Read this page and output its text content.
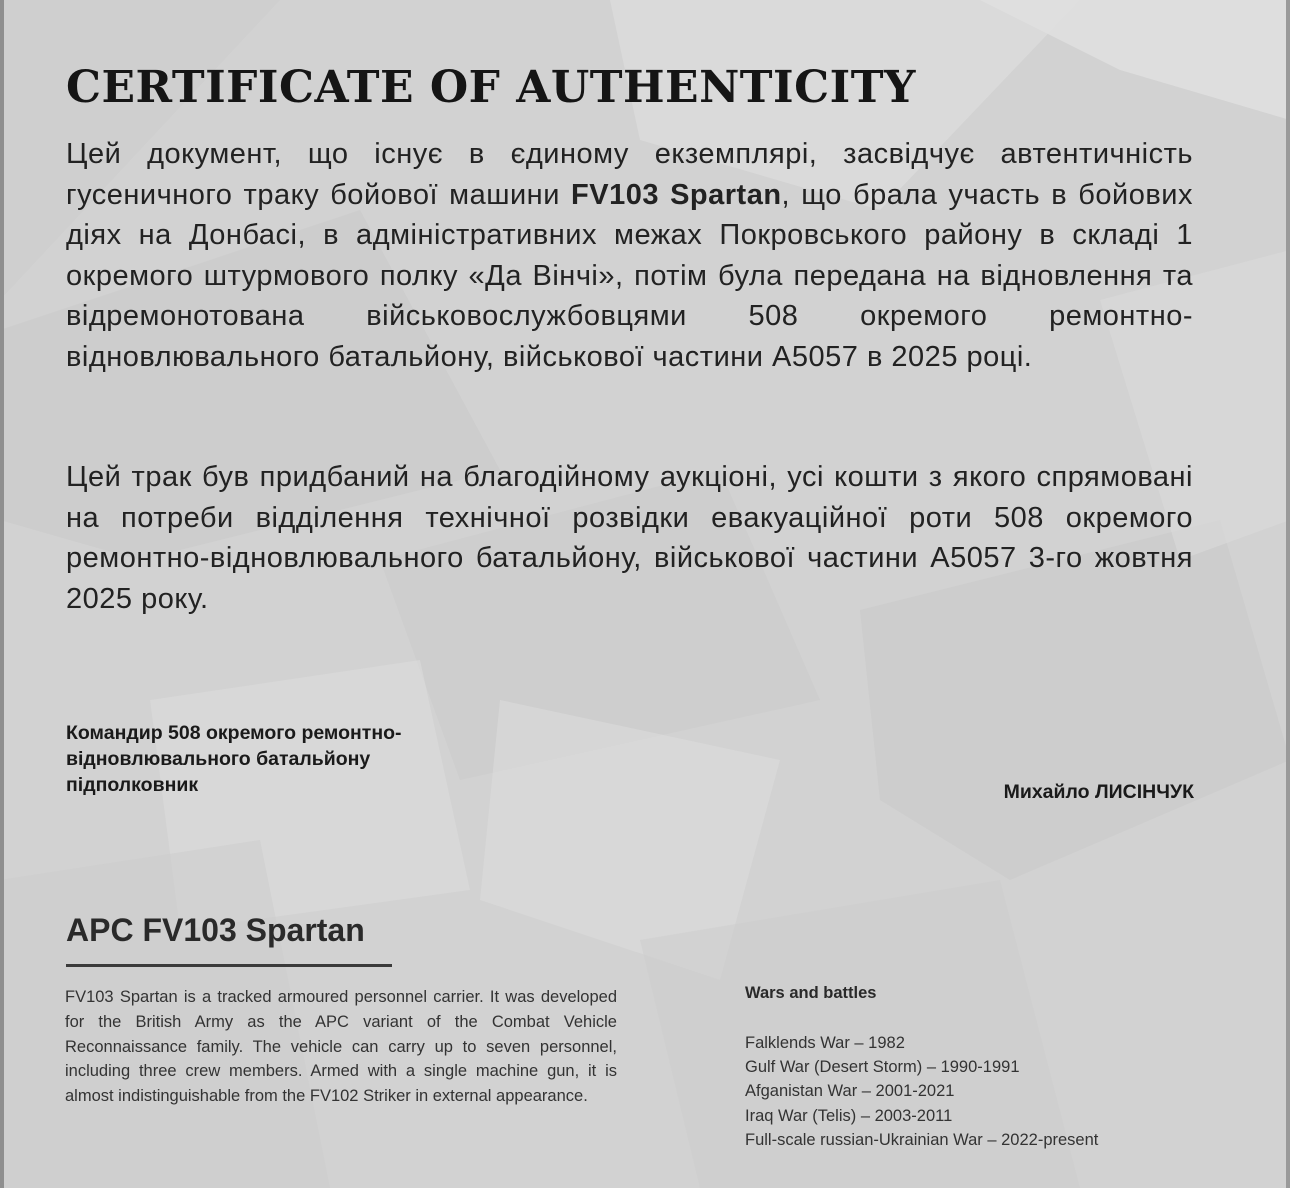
CERTIFICATE OF AUTHENTICITY

Цей документ, що існує в єдиному екземплярі, засвідчує автентичність гусеничного траку бойової машини FV103 Spartan, що брала участь в бойових діях на Донбасі, в адміністративних межах Покровського району в складі 1 окремого штурмового полку «Да Вінчі», потім була передана на відновлення та відремонотована військовослужбовцями 508 окремого ремонтно-відновлювального батальйону, військової частини А5057 в 2025 році.

Цей трак був придбаний на благодійному аукціоні, усі кошти з якого спрямовані на потреби відділення технічної розвідки евакуаційної роти 508 окремого ремонтно-відновлювального батальйону, військової частини А5057 3-го жовтня 2025 року.

Командир 508 окремого ремонтно-
відновлювального батальйону
підполковник	Михайло ЛИСІНЧУК
APC FV103 Spartan

FV103 Spartan is a tracked armoured personnel carrier. It was developed for the British Army as the APC variant of the Combat Vehicle Reconnaissance family. The vehicle can carry up to seven personnel, including three crew members. Armed with a single machine gun, it is almost indistinguishable from the FV102 Striker in external appearance.

Wars and battles
Falklends War – 1982
Gulf War (Desert Storm) – 1990-1991
Afganistan War – 2001-2021
Iraq War (Telis) – 2003-2011
Full-scale russian-Ukrainian War – 2022-present
